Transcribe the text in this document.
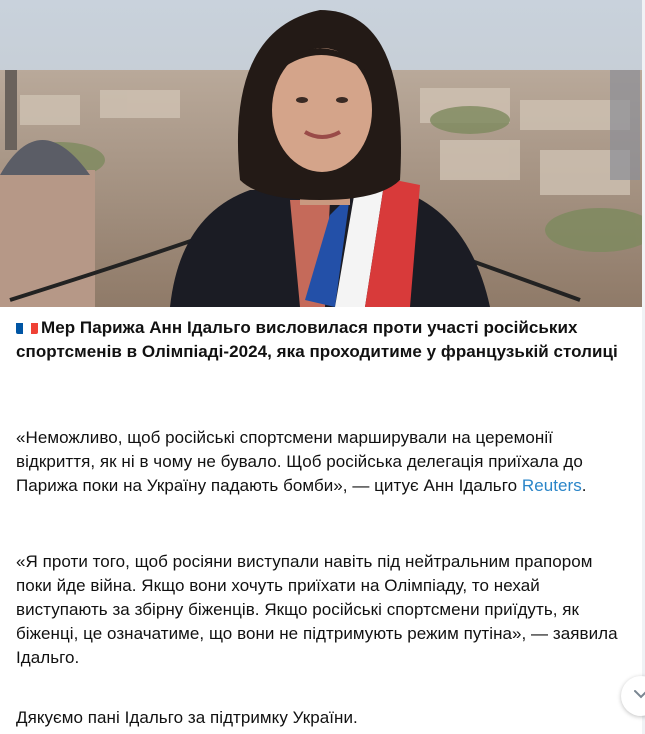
Мер Парижа Анн Ідальго висловилася проти участі російських спортсменів в Олімпіаді-2024, яка проходитиме у французькій столиці

«Неможливо, щоб російські спортсмени марширували на церемонії відкриття, як ні в чому не бувало. Щоб російська делегація приїхала до Парижа поки на Україну падають бомби», — цитує Анн Ідальго Reuters.

«Я проти того, щоб росіяни виступали навіть під нейтральним прапором поки йде війна. Якщо вони хочуть приїхати на Олімпіаду, то нехай виступають за збірну біженців. Якщо російські спортсмени приїдуть, як біженці, це означатиме, що вони не підтримують режим путіна», — заявила Ідальго.

Дякуємо пані Ідальго за підтримку України.
